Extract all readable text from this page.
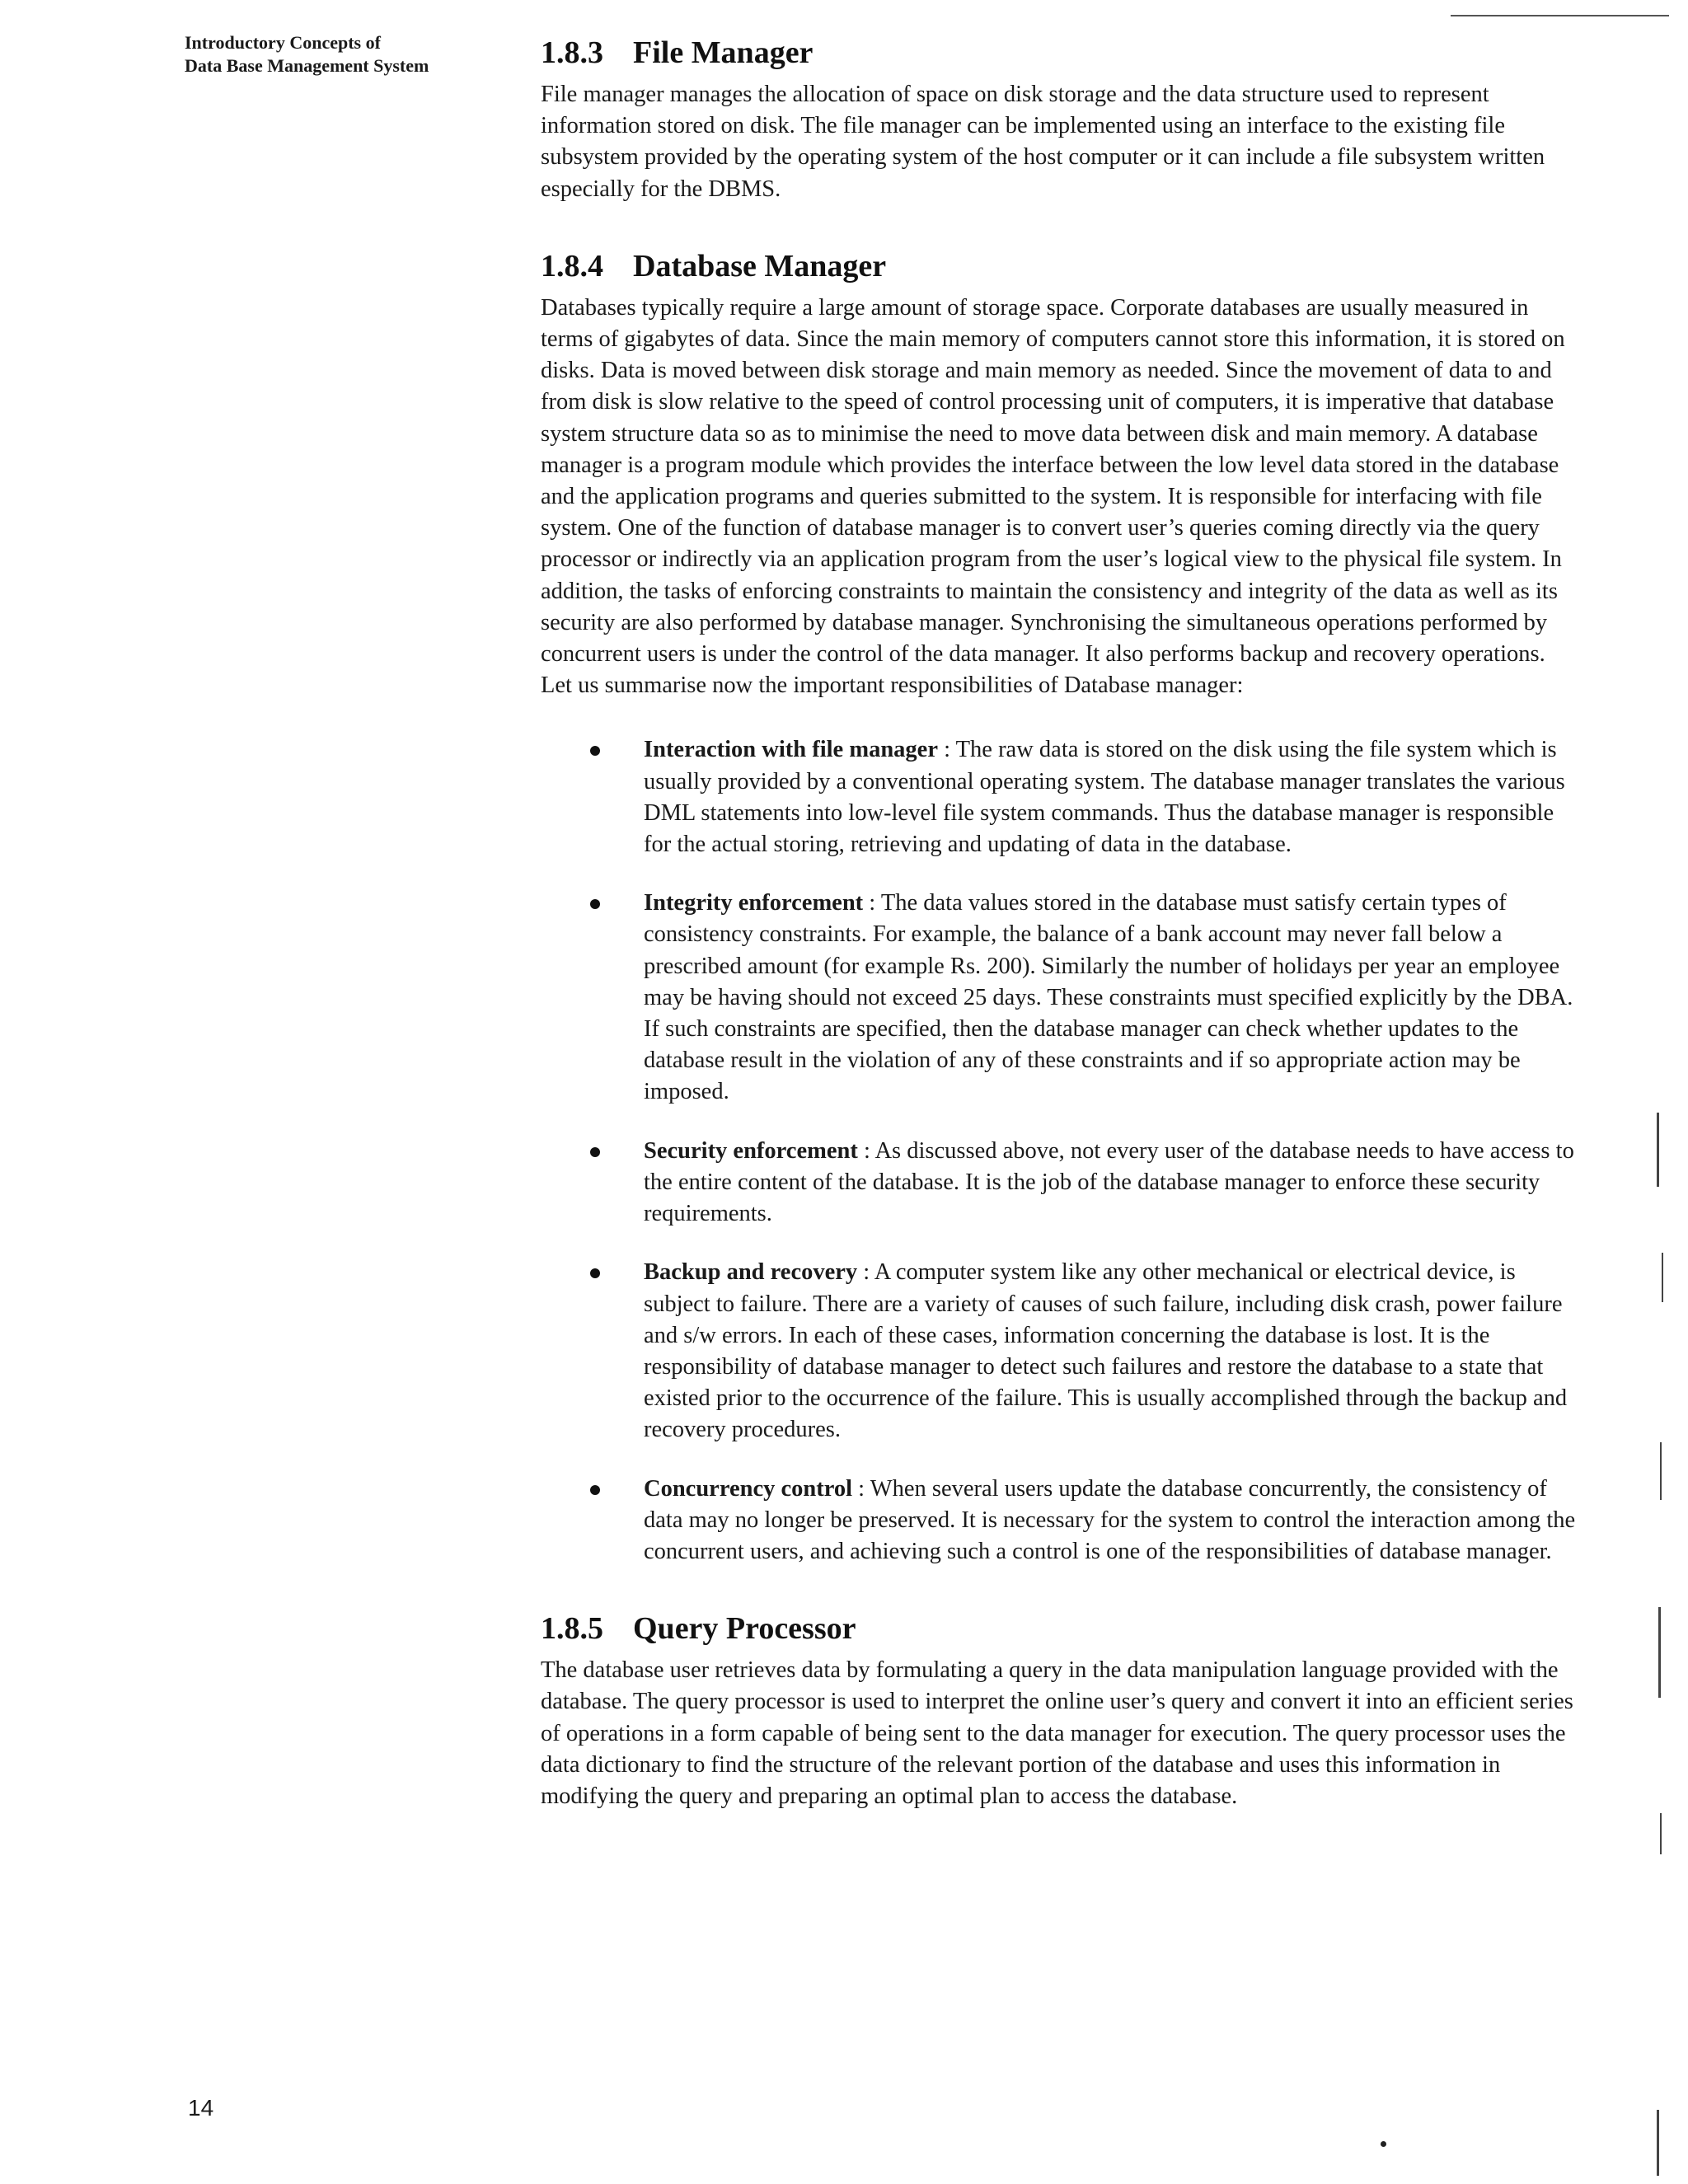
Introductory Concepts of
Data Base Management System	1.8.3 File Manager

File manager manages the allocation of space on disk storage and the data structure used to represent information stored on disk. The file manager can be implemented using an interface to the existing file subsystem provided by the operating system of the host computer or it can include a file subsystem written especially for the DBMS.

1.8.4 Database Manager

Databases typically require a large amount of storage space. Corporate databases are usually measured in terms of gigabytes of data. Since the main memory of computers cannot store this information, it is stored on disks. Data is moved between disk storage and main memory as needed. Since the movement of data to and from disk is slow relative to the speed of control processing unit of computers, it is imperative that database system structure data so as to minimise the need to move data between disk and main memory. A database manager is a program module which provides the interface between the low level data stored in the database and the application programs and queries submitted to the system. It is responsible for interfacing with file system. One of the function of database manager is to convert user’s queries coming directly via the query processor or indirectly via an application program from the user’s logical view to the physical file system. In addition, the tasks of enforcing constraints to maintain the consistency and integrity of the data as well as its security are also performed by database manager. Synchronising the simultaneous operations performed by concurrent users is under the control of the data manager. It also performs backup and recovery operations. Let us summarise now the important responsibilities of Database manager:

Interaction with file manager : The raw data is stored on the disk using the file system which is usually provided by a conventional operating system. The database manager translates the various DML statements into low-level file system commands. Thus the database manager is responsible for the actual storing, retrieving and updating of data in the database.
Integrity enforcement : The data values stored in the database must satisfy certain types of consistency constraints. For example, the balance of a bank account may never fall below a prescribed amount (for example Rs. 200). Similarly the number of holidays per year an employee may be having should not exceed 25 days. These constraints must specified explicitly by the DBA. If such constraints are specified, then the database manager can check whether updates to the database result in the violation of any of these constraints and if so appropriate action may be imposed.
Security enforcement : As discussed above, not every user of the database needs to have access to the entire content of the database. It is the job of the database manager to enforce these security requirements.
Backup and recovery : A computer system like any other mechanical or electrical device, is subject to failure. There are a variety of causes of such failure, including disk crash, power failure and s/w errors. In each of these cases, information concerning the database is lost. It is the responsibility of database manager to detect such failures and restore the database to a state that existed prior to the occurrence of the failure. This is usually accomplished through the backup and recovery procedures.
Concurrency control : When several users update the database concurrently, the consistency of data may no longer be preserved. It is necessary for the system to control the interaction among the concurrent users, and achieving such a control is one of the responsibilities of database manager.
1.8.5 Query Processor

The database user retrieves data by formulating a query in the data manipulation language provided with the database. The query processor is used to interpret the online user’s query and convert it into an efficient series of operations in a form capable of being sent to the data manager for execution. The query processor uses the data dictionary to find the structure of the relevant portion of the database and uses this information in modifying the query and preparing an optimal plan to access the database.

14
